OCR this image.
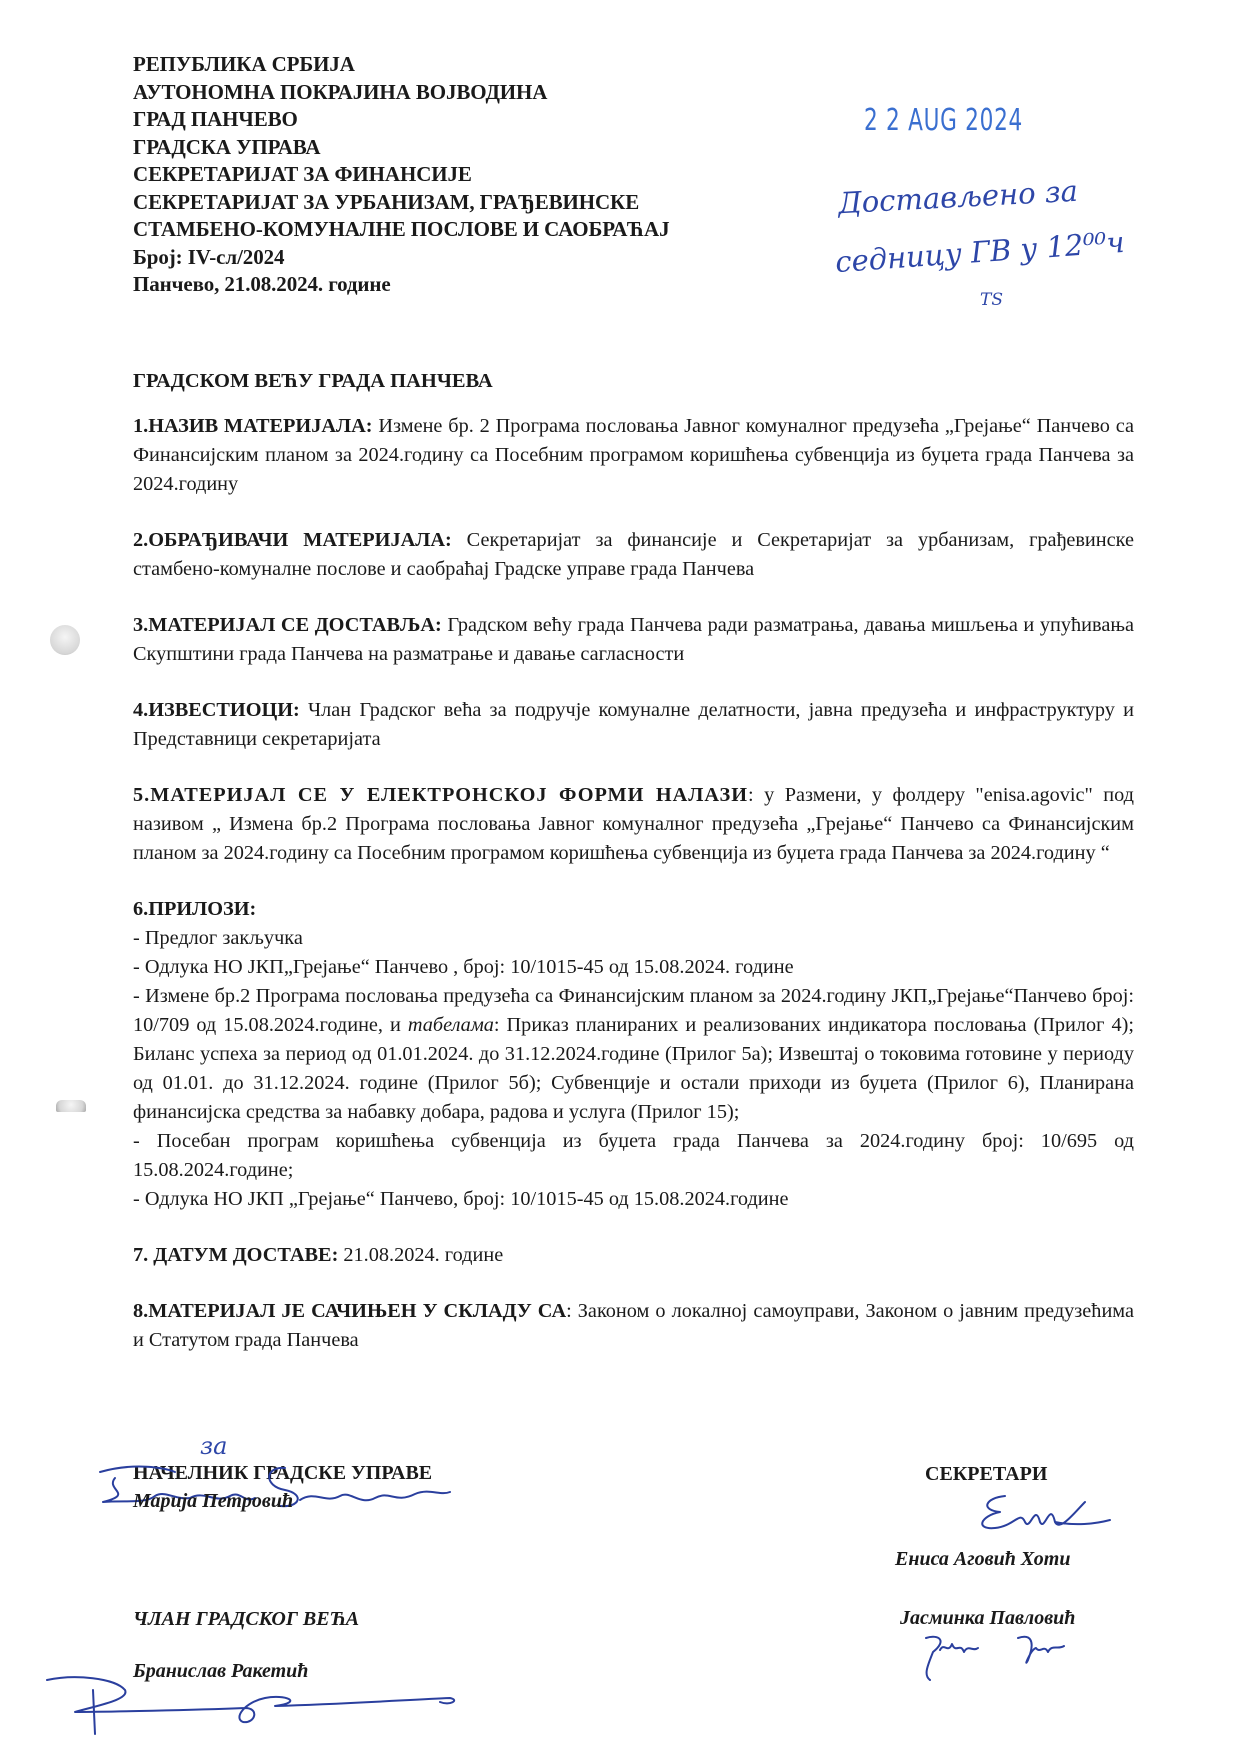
РЕПУБЛИКА СРБИЈА
АУТОНОМНА ПОКРАЈИНА ВОЈВОДИНА
ГРАД ПАНЧЕВО
ГРАДСКА УПРАВА
СЕКРЕТАРИЈАТ ЗА ФИНАНСИЈЕ
СЕКРЕТАРИЈАТ ЗА УРБАНИЗАМ, ГРАЂЕВИНСКЕ
СТАМБЕНО-КОМУНАЛНЕ ПОСЛОВЕ И САОБРАЋАЈ
Број: IV-сл/2024
Панчево, 21.08.2024. године
2 2 AUG 2024
Достављено за
седницу ГВ у 12⁰⁰ч
ТS
ГРАДСКОМ ВЕЋУ ГРАДА ПАНЧЕВА

1.НАЗИВ МАТЕРИЈАЛА: Измене бр. 2 Програма пословања Јавног комуналног предузећа „Грејање“ Панчево са Финансијским планом за 2024.годину са Посебним програмом коришћења субвенција из буџета града Панчева за 2024.годину

2.ОБРАЂИВАЧИ МАТЕРИЈАЛА: Секретаријат за финансије и Секретаријат за урбанизам, грађевинске стамбено-комуналне послове и саобраћај Градске управе града Панчева

3.МАТЕРИЈАЛ СЕ ДОСТАВЉА: Градском већу града Панчева ради разматрања, давања мишљења и упућивања Скупштини града Панчева на разматрање и давање сагласности

4.ИЗВЕСТИОЦИ: Члан Градског већа за подручје комуналне делатности, јавна предузећа и инфраструктуру и Представници секретаријата

5.МАТЕРИЈАЛ СЕ У ЕЛЕКТРОНСКОЈ ФОРМИ НАЛАЗИ: у Размени, у фолдеру "enisa.agovic" под називом „ Измена бр.2 Програма пословања Јавног комуналног предузећа „Грејање“ Панчево са Финансијским планом за 2024.годину са Посебним програмом коришћења субвенција из буџета града Панчева за 2024.годину “

6.ПРИЛОЗИ:

- Предлог закључка

- Одлука НО ЈКП„Грејање“ Панчево , број: 10/1015-45 од 15.08.2024. године

- Измене бр.2 Програма пословања предузећа са Финансијским планом за 2024.годину ЈКП„Грејање“Панчево број: 10/709 од 15.08.2024.године, и табелама: Приказ планираних и реализованих индикатора пословања (Прилог 4); Биланс успеха за период од 01.01.2024. до 31.12.2024.године (Прилог 5а); Извештај о токовима готовине у периоду од 01.01. до 31.12.2024. године (Прилог 5б); Субвенције и остали приходи из буџета (Прилог 6), Планирана финансијска средства за набавку добара, радова и услуга (Прилог 15);

- Посебан програм коришћења субвенција из буџета града Панчева за 2024.годину број: 10/695 од 15.08.2024.године;

- Одлука НО ЈКП „Грејање“ Панчево, број: 10/1015-45 од 15.08.2024.године

7. ДАТУМ ДОСТАВЕ: 21.08.2024. године

8.МАТЕРИЈАЛ ЈЕ САЧИЊЕН У СКЛАДУ СА: Законом о локалној самоуправи, Законом о јавним предузећима и Статутом града Панчева

за
НАЧЕЛНИК ГРАДСКЕ УПРАВЕ
Марија Петровић
СЕКРЕТАРИ
Ениса Аговић Хоти
Јасминка Павловић
ЧЛАН ГРАДСКОГ ВЕЋА
Бранислав Ракетић
